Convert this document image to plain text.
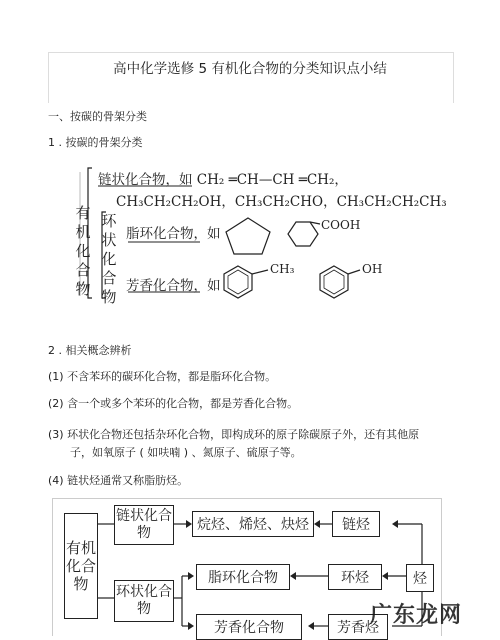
高中化学选修 5 有机化合物的分类知识点小结
一、按碳的骨架分类
1 . 按碳的骨架分类
有机化合物
链状化合物，如 CH₂ ═CH—CH ═CH₂，
CH₃CH₂CH₂OH，CH₃CH₂CHO，CH₃CH₂CH₂CH₃
环状化合物
脂环化合物，如
COOH
芳香化合物，如
CH₃	OH
2 . 相关概念辨析
(1) 不含苯环的碳环化合物，都是脂环化合物。
(2) 含一个或多个苯环的化合物，都是芳香化合物。
(3) 环状化合物还包括杂环化合物，即构成环的原子除碳原子外，还有其他原
子，如氧原子 ( 如呋喃 ) 、氮原子、硫原子等。
(4) 链状烃通常又称脂肪烃。
有机化合物
链状化合物
环状化合物
烷烃、烯烃、炔烃 链烃
脂环化合物	环烃	烃
芳香化合物	芳香烃
广东龙网
